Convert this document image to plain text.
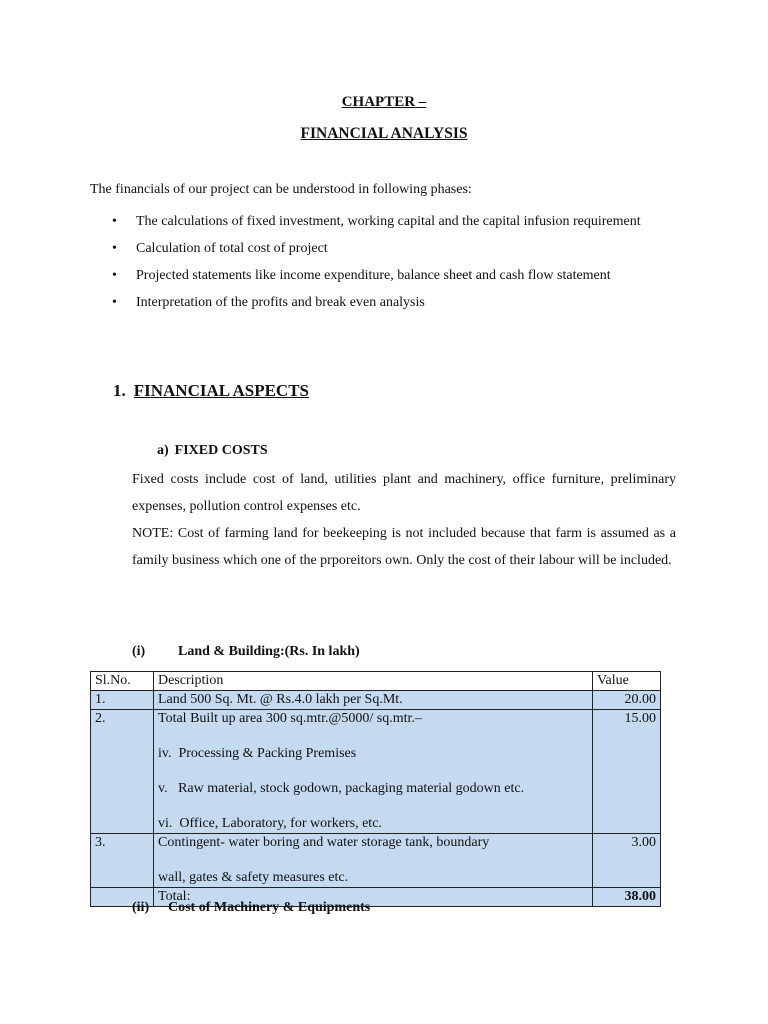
CHAPTER –
FINANCIAL ANALYSIS
The financials of our project can be understood in following phases:
• The calculations of fixed investment, working capital and the capital infusion requirement
• Calculation of total cost of project
• Projected statements like income expenditure, balance sheet and cash flow statement
• Interpretation of the profits and break even analysis
1. FINANCIAL ASPECTS
a) FIXED COSTS
Fixed costs include cost of land, utilities plant and machinery, office furniture, preliminary expenses, pollution control expenses etc.
NOTE: Cost of farming land for beekeeping is not included because that farm is assumed as a family business which one of the prporeitors own. Only the cost of their labour will be included.
(i) Land & Building:(Rs. In lakh)
Sl.No.	Description	Value
1.	Land 500 Sq. Mt. @ Rs.4.0 lakh per Sq.Mt.	20.00
2.	Total Built up area 300 sq.mtr.@5000/ sq.mtr.–
iv.  Processing & Packing Premises
v.   Raw material, stock godown, packaging material godown etc.
vi.  Office, Laboratory, for workers, etc.	15.00
3.	Contingent- water boring and water storage tank, boundary
wall, gates & safety measures etc.	3.00
	Total:	38.00
(ii) Cost of Machinery & Equipments
